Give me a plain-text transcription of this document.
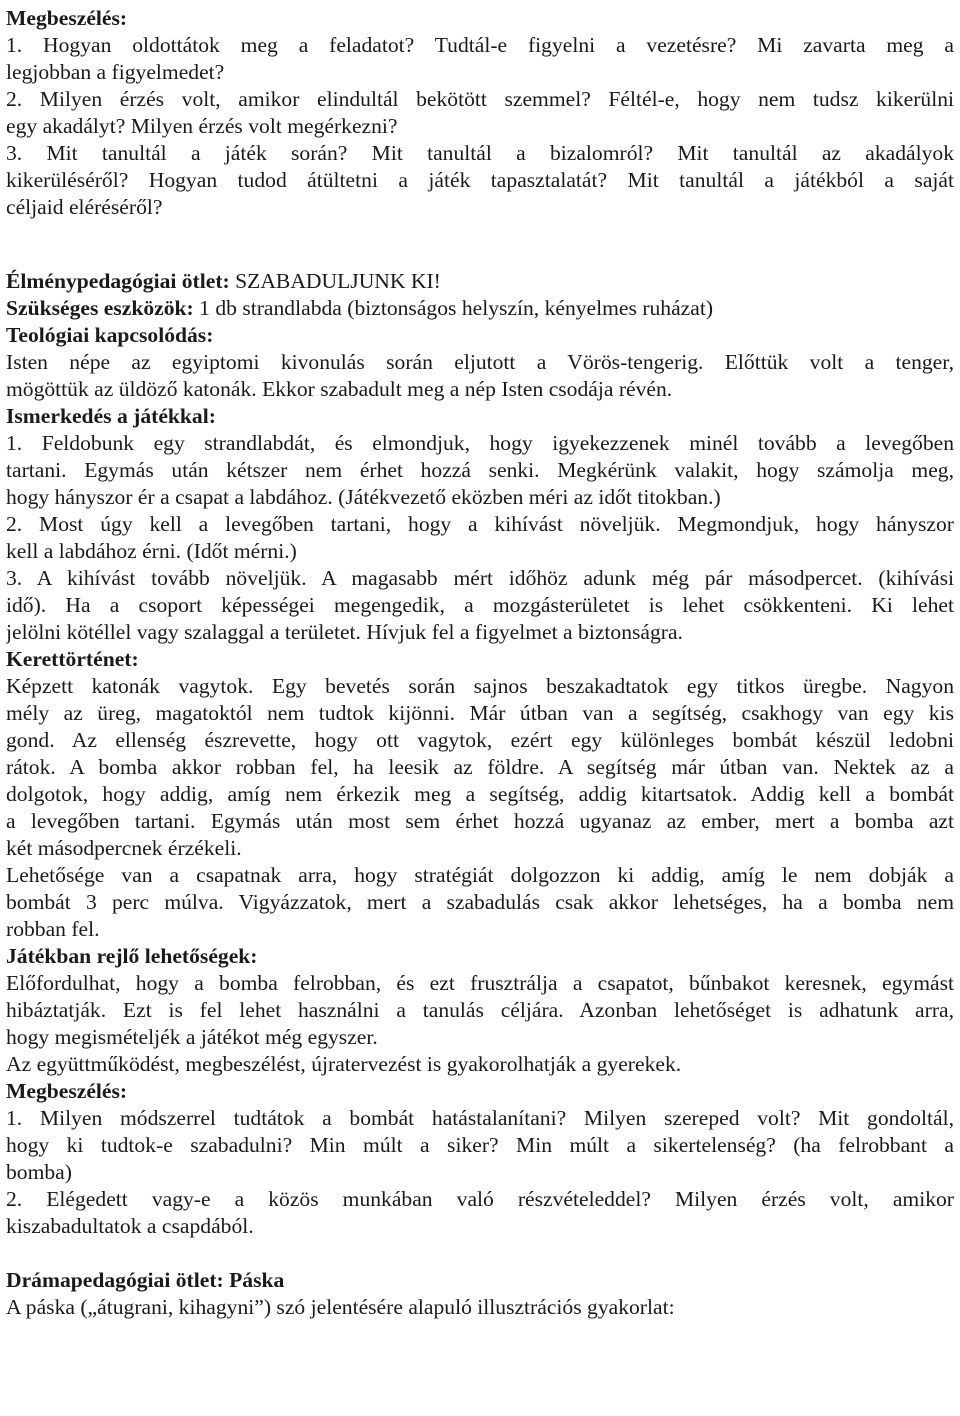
Megbeszélés:
1. Hogyan oldottátok meg a feladatot? Tudtál-e figyelni a vezetésre? Mi zavarta meg a
legjobban a figyelmedet?
2. Milyen érzés volt, amikor elindultál bekötött szemmel? Féltél-e, hogy nem tudsz kikerülni
egy akadályt? Milyen érzés volt megérkezni?
3. Mit tanultál a játék során? Mit tanultál a bizalomról? Mit tanultál az akadályok
kikerüléséről? Hogyan tudod átültetni a játék tapasztalatát? Mit tanultál a játékból a saját
céljaid eléréséről?
Élménypedagógiai ötlet: SZABADULJUNK KI!
Szükséges eszközök: 1 db strandlabda (biztonságos helyszín, kényelmes ruházat)
Teológiai kapcsolódás:
Isten népe az egyiptomi kivonulás során eljutott a Vörös-tengerig. Előttük volt a tenger,
mögöttük az üldöző katonák. Ekkor szabadult meg a nép Isten csodája révén.
Ismerkedés a játékkal:
1. Feldobunk egy strandlabdát, és elmondjuk, hogy igyekezzenek minél tovább a levegőben
tartani. Egymás után kétszer nem érhet hozzá senki. Megkérünk valakit, hogy számolja meg,
hogy hányszor ér a csapat a labdához. (Játékvezető eközben méri az időt titokban.)
2. Most úgy kell a levegőben tartani, hogy a kihívást növeljük. Megmondjuk, hogy hányszor
kell a labdához érni. (Időt mérni.)
3. A kihívást tovább növeljük. A magasabb mért időhöz adunk még pár másodpercet. (kihívási
idő). Ha a csoport képességei megengedik, a mozgásterületet is lehet csökkenteni. Ki lehet
jelölni kötéllel vagy szalaggal a területet. Hívjuk fel a figyelmet a biztonságra.
Kerettörténet:
Képzett katonák vagytok. Egy bevetés során sajnos beszakadtatok egy titkos üregbe. Nagyon
mély az üreg, magatoktól nem tudtok kijönni. Már útban van a segítség, csakhogy van egy kis
gond. Az ellenség észrevette, hogy ott vagytok, ezért egy különleges bombát készül ledobni
rátok. A bomba akkor robban fel, ha leesik az földre. A segítség már útban van. Nektek az a
dolgotok, hogy addig, amíg nem érkezik meg a segítség, addig kitartsatok. Addig kell a bombát
a levegőben tartani. Egymás után most sem érhet hozzá ugyanaz az ember, mert a bomba azt
két másodpercnek érzékeli.
Lehetősége van a csapatnak arra, hogy stratégiát dolgozzon ki addig, amíg le nem dobják a
bombát 3 perc múlva. Vigyázzatok, mert a szabadulás csak akkor lehetséges, ha a bomba nem
robban fel.
Játékban rejlő lehetőségek:
Előfordulhat, hogy a bomba felrobban, és ezt frusztrálja a csapatot, bűnbakot keresnek, egymást
hibáztatják. Ezt is fel lehet használni a tanulás céljára. Azonban lehetőséget is adhatunk arra,
hogy megismételjék a játékot még egyszer.
Az együttműködést, megbeszélést, újratervezést is gyakorolhatják a gyerekek.
Megbeszélés:
1. Milyen módszerrel tudtátok a bombát hatástalanítani? Milyen szereped volt? Mit gondoltál,
hogy ki tudtok-e szabadulni? Min múlt a siker? Min múlt a sikertelenség? (ha felrobbant a
bomba)
2. Elégedett vagy-e a közös munkában való részvételeddel? Milyen érzés volt, amikor
kiszabadultatok a csapdából.
Drámapedagógiai ötlet: Páska
A páska („átugrani, kihagyni”) szó jelentésére alapuló illusztrációs gyakorlat:
